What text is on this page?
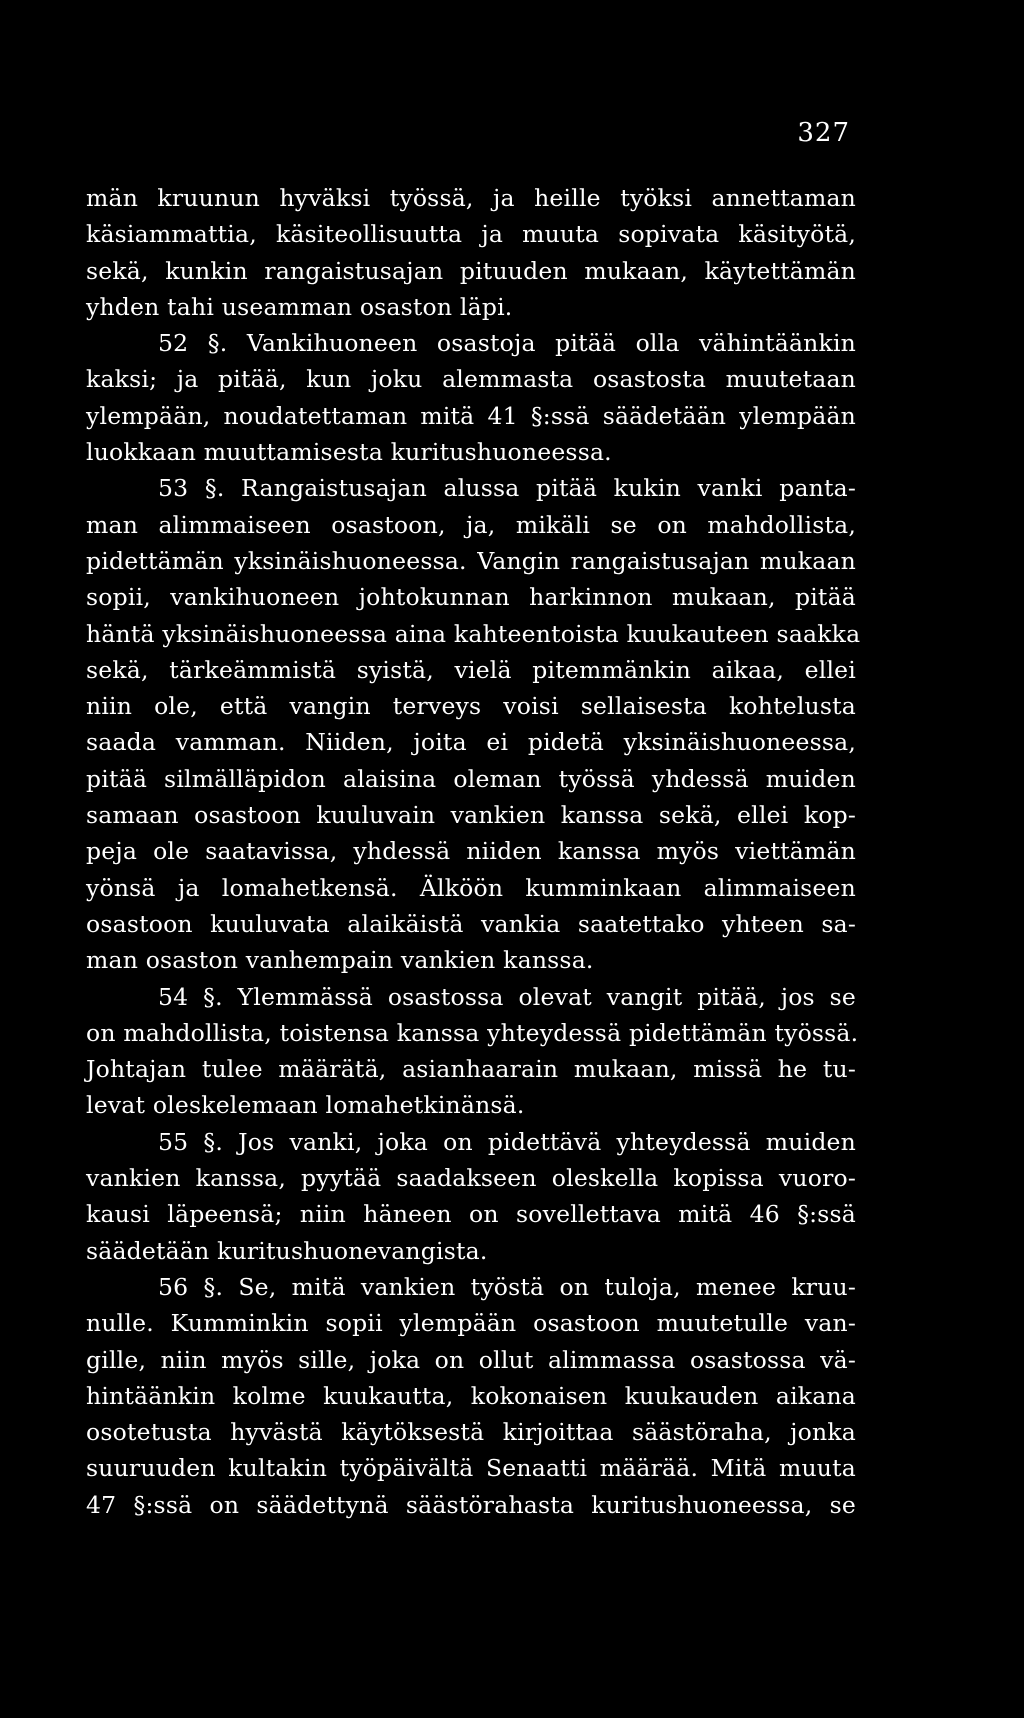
327
män kruunun hyväksi työssä, ja heille työksi annettaman
käsiammattia, käsiteollisuutta ja muuta sopivata käsityötä,
sekä, kunkin rangaistusajan pituuden mukaan, käytettämän
yhden tahi useamman osaston läpi.
52 §. Vankihuoneen osastoja pitää olla vähintäänkin
kaksi; ja pitää, kun joku alemmasta osastosta muutetaan
ylempään, noudatettaman mitä 41 §:ssä säädetään ylempään
luokkaan muuttamisesta kuritushuoneessa.
53 §. Rangaistusajan alussa pitää kukin vanki panta-
man alimmaiseen osastoon, ja, mikäli se on mahdollista,
pidettämän yksinäishuoneessa. Vangin rangaistusajan mukaan
sopii, vankihuoneen johtokunnan harkinnon mukaan, pitää
häntä yksinäishuoneessa aina kahteentoista kuukauteen saakka
sekä, tärkeämmistä syistä, vielä pitemmänkin aikaa, ellei
niin ole, että vangin terveys voisi sellaisesta kohtelusta
saada vamman. Niiden, joita ei pidetä yksinäishuoneessa,
pitää silmälläpidon alaisina oleman työssä yhdessä muiden
samaan osastoon kuuluvain vankien kanssa sekä, ellei kop-
peja ole saatavissa, yhdessä niiden kanssa myös viettämän
yönsä ja lomahetkensä. Älköön kumminkaan alimmaiseen
osastoon kuuluvata alaikäistä vankia saatettako yhteen sa-
man osaston vanhempain vankien kanssa.
54 §. Ylemmässä osastossa olevat vangit pitää, jos se
on mahdollista, toistensa kanssa yhteydessä pidettämän työssä.
Johtajan tulee määrätä, asianhaarain mukaan, missä he tu-
levat oleskelemaan lomahetkinänsä.
55 §. Jos vanki, joka on pidettävä yhteydessä muiden
vankien kanssa, pyytää saadakseen oleskella kopissa vuoro-
kausi läpeensä; niin häneen on sovellettava mitä 46 §:ssä
säädetään kuritushuonevangista.
56 §. Se, mitä vankien työstä on tuloja, menee kruu-
nulle. Kumminkin sopii ylempään osastoon muutetulle van-
gille, niin myös sille, joka on ollut alimmassa osastossa vä-
hintäänkin kolme kuukautta, kokonaisen kuukauden aikana
osotetusta hyvästä käytöksestä kirjoittaa säästöraha, jonka
suuruuden kultakin työpäivältä Senaatti määrää. Mitä muuta
47 §:ssä on säädettynä säästörahasta kuritushuoneessa, se
